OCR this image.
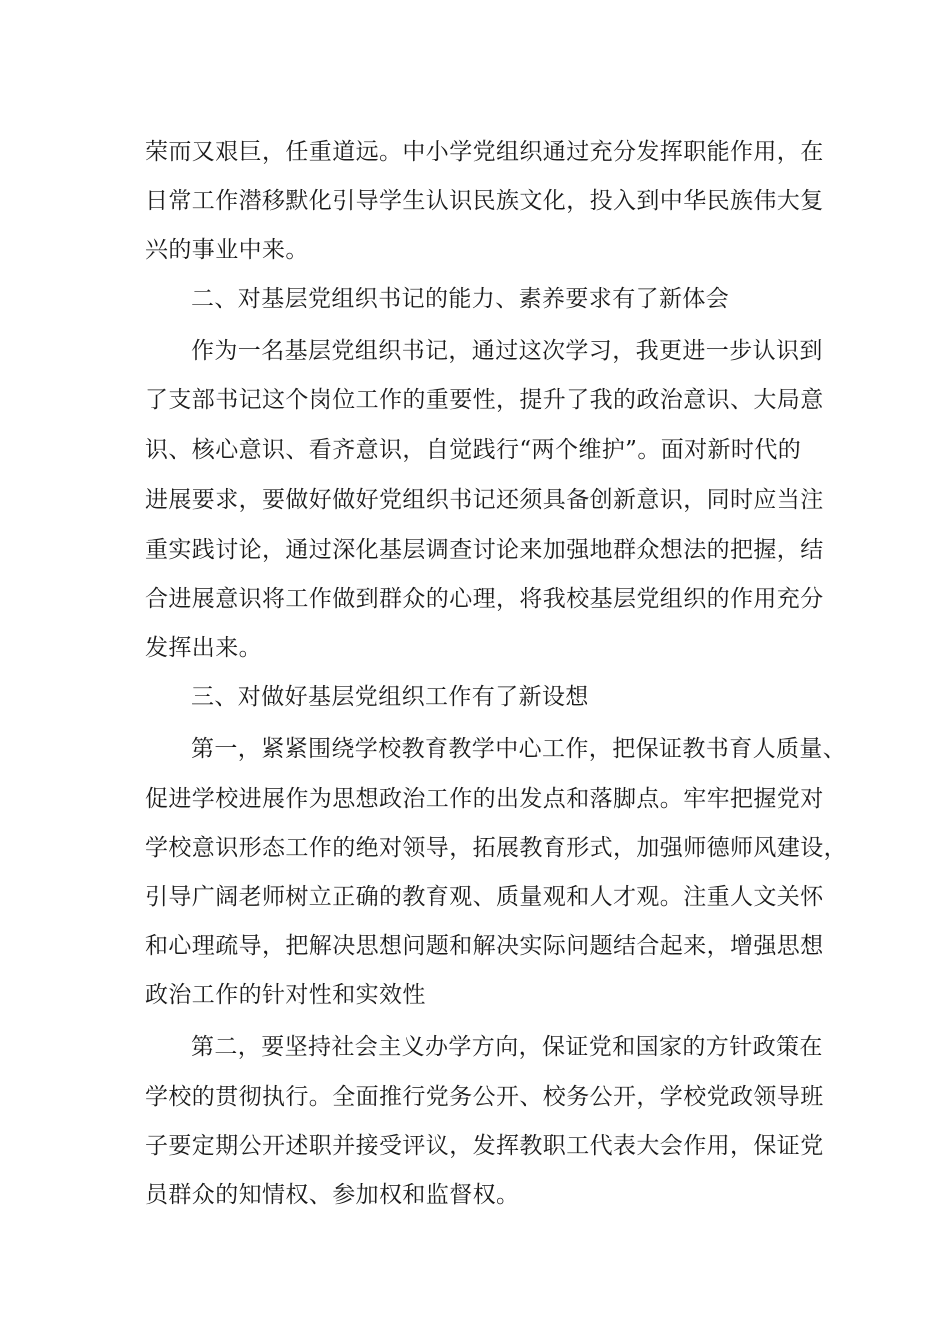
荣而又艰巨，任重道远。中小学党组织通过充分发挥职能作用，在
日常工作潜移默化引导学生认识民族文化，投入到中华民族伟大复
兴的事业中来。
二、对基层党组织书记的能力、素养要求有了新体会
作为一名基层党组织书记，通过这次学习，我更进一步认识到
了支部书记这个岗位工作的重要性，提升了我的政治意识、大局意
识、核心意识、看齐意识，自觉践行“两个维护”。面对新时代的
进展要求，要做好做好党组织书记还须具备创新意识，同时应当注
重实践讨论，通过深化基层调查讨论来加强地群众想法的把握，结
合进展意识将工作做到群众的心理，将我校基层党组织的作用充分
发挥出来。
三、对做好基层党组织工作有了新设想
第一，紧紧围绕学校教育教学中心工作，把保证教书育人质量、
促进学校进展作为思想政治工作的出发点和落脚点。牢牢把握党对
学校意识形态工作的绝对领导，拓展教育形式，加强师德师风建设，
引导广阔老师树立正确的教育观、质量观和人才观。注重人文关怀
和心理疏导，把解决思想问题和解决实际问题结合起来，增强思想
政治工作的针对性和实效性
第二，要坚持社会主义办学方向，保证党和国家的方针政策在
学校的贯彻执行。全面推行党务公开、校务公开，学校党政领导班
子要定期公开述职并接受评议，发挥教职工代表大会作用，保证党
员群众的知情权、参加权和监督权。
